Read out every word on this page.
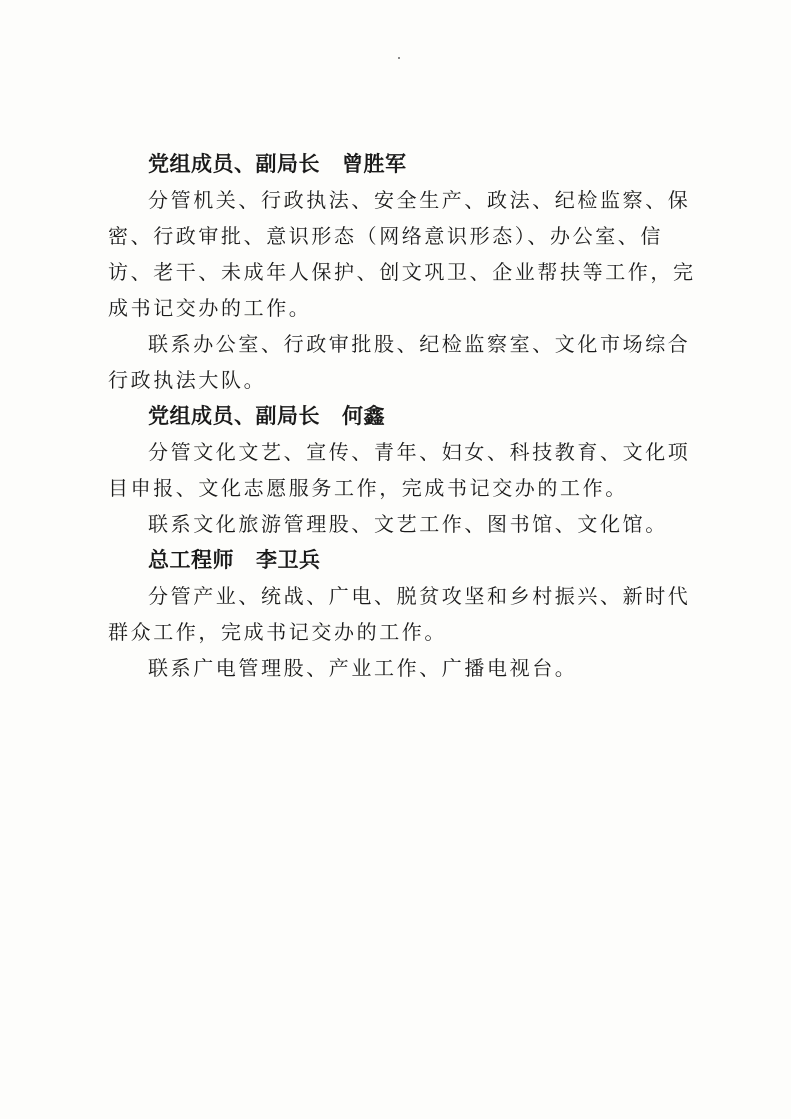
党组成员、副局长 曾胜军

分管机关、行政执法、安全生产、政法、纪检监察、保密、行政审批、意识形态（网络意识形态）、办公室、信访、老干、未成年人保护、创文巩卫、企业帮扶等工作，完成书记交办的工作。

联系办公室、行政审批股、纪检监察室、文化市场综合行政执法大队。

党组成员、副局长 何鑫

分管文化文艺、宣传、青年、妇女、科技教育、文化项目申报、文化志愿服务工作，完成书记交办的工作。

联系文化旅游管理股、文艺工作、图书馆、文化馆。

总工程师 李卫兵

分管产业、统战、广电、脱贫攻坚和乡村振兴、新时代群众工作，完成书记交办的工作。

联系广电管理股、产业工作、广播电视台。
